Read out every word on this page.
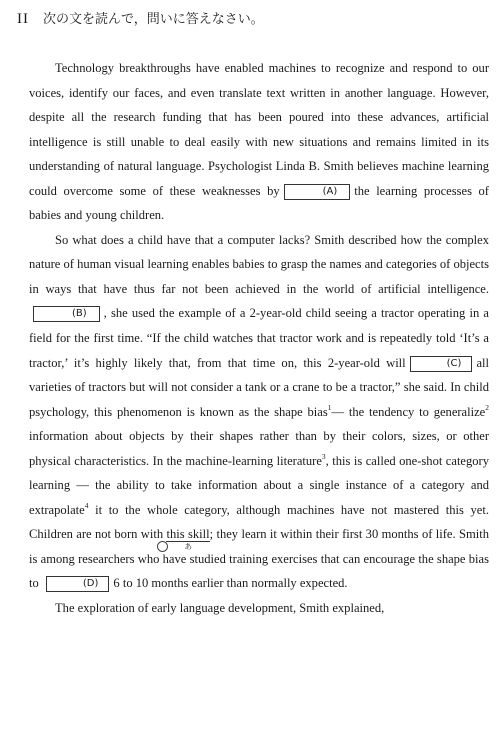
II 次の文を読んで，問いに答えなさい。

Technology breakthroughs have enabled machines to recognize and respond to our voices, identify our faces, and even translate text written in another language. However, despite all the research funding that has been poured into these advances, artificial intelligence is still unable to deal easily with new situations and remains limited in its understanding of natural language. Psychologist Linda B. Smith believes machine learning could overcome some of these weaknesses by	(A) the learning processes of babies and young children.

So what does a child have that a computer lacks? Smith described how the complex nature of human visual learning enables babies to grasp the names and categories of objects in ways that have thus far not been achieved in the world of artificial intelligence.(B) , she used the example of a 2-year-old child seeing a tractor operating in a field for the first time. “If the child watches that tractor work and is repeatedly told ‘It’s a tractor,’ it’s highly likely that, from that time on, this 2-year-old will	(C) all varieties of tractors but will not consider a tank or a crane to be a tractor,” she said. In child psychology, this phenomenon is known as the shape bias$^1$— the tendency to generalize$^2$ information about objects by their shapes rather than by their colors, sizes, or other physical characteristics. In the machine-learning literature$^3$, this is called one-shot category learning — the ability to take information about a single instance of a category and extrapolate$^4$ it to the whole category, although machines have not mastered this yet. Children are not born with
あ
this skill; they learn it within their first 30 months of life. Smith is among researchers who have studied training exercises that can encourage the shape bias to	(D) 6 to 10 months earlier than normally expected.

The exploration of early language development, Smith explained,
